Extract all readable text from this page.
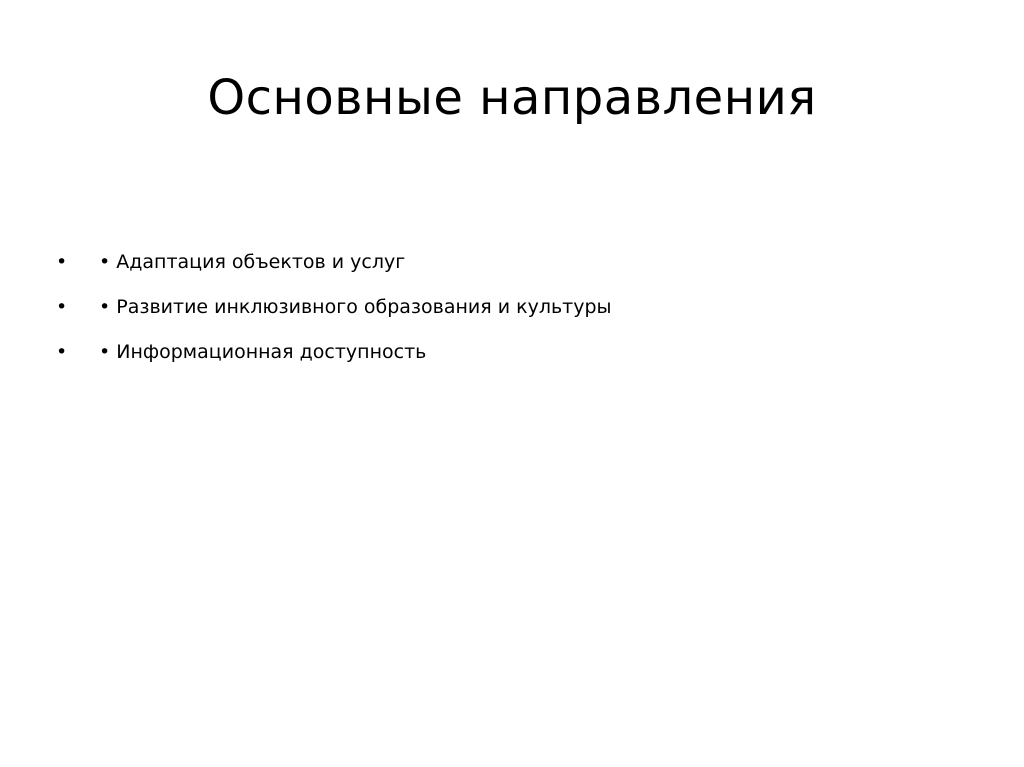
Основные направления
•	• Адаптация объектов и услуг
•	• Развитие инклюзивного образования и культуры
•	• Информационная доступность
